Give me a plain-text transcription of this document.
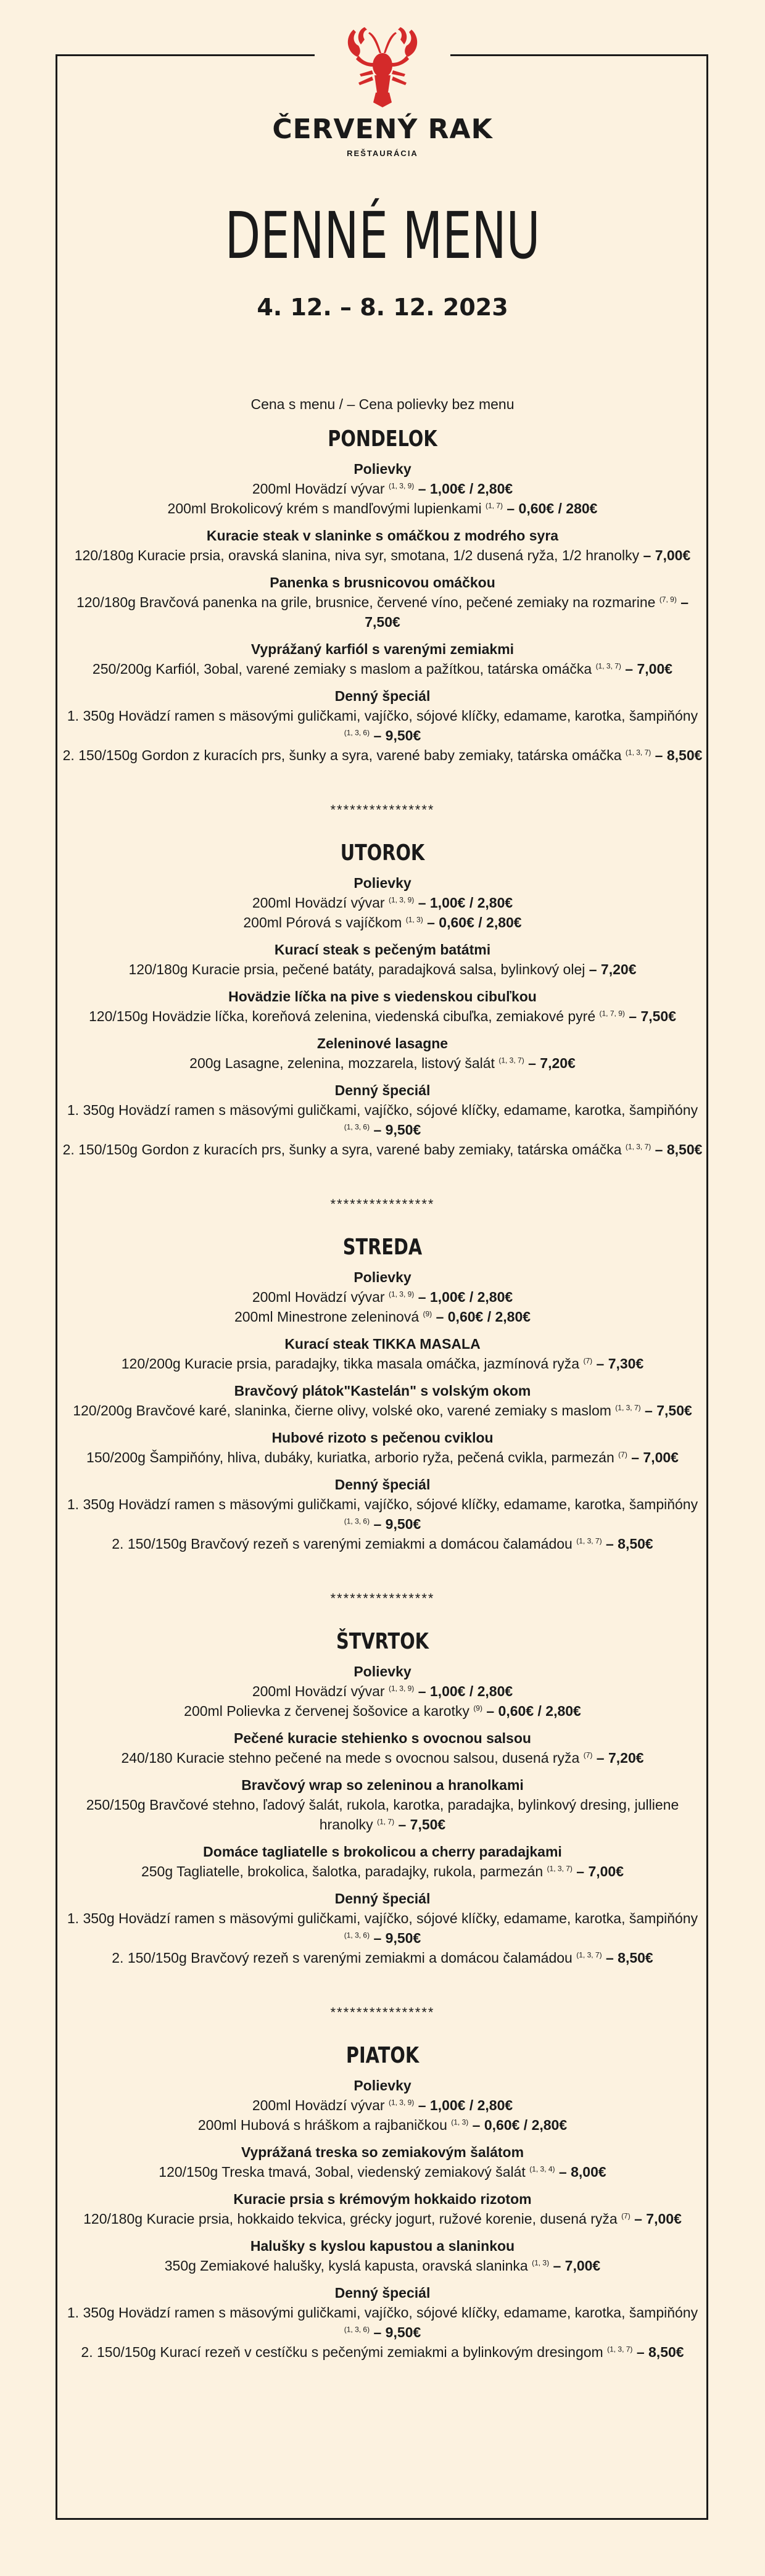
ČERVENÝ RAK
REŠTAURÁCIA
DENNÉ MENU
4. 12. – 8. 12. 2023
Cena s menu / – Cena polievky bez menu
PONDELOK
Polievky
200ml Hovädzí vývar $^{(1, 3, 9)}$ – 1,00€ / 2,80€
200ml Brokolicový krém s mandľovými lupienkami $^{(1, 7)}$ – 0,60€ / 280€
Kuracie steak v slaninke s omáčkou z modrého syra
120/180g Kuracie prsia, oravská slanina, niva syr, smotana, 1/2 dusená ryža, 1/2 hranolky – 7,00€
Panenka s brusnicovou omáčkou
120/180g Bravčová panenka na grile, brusnice, červené víno, pečené zemiaky na rozmarine $^{(7, 9)}$ – 7,50€
Vyprážaný karfiól s varenými zemiakmi
250/200g Karfiól, 3obal, varené zemiaky s maslom a pažítkou, tatárska omáčka $^{(1, 3, 7)}$ – 7,00€
Denný špeciál
1. 350g Hovädzí ramen s mäsovými guličkami, vajíčko, sójové klíčky, edamame, karotka, šampiňóny $^{(1, 3, 6)}$ – 9,50€
2. 150/150g Gordon z kuracích prs, šunky a syra, varené baby zemiaky, tatárska omáčka $^{(1, 3, 7)}$ – 8,50€
****************
UTOROK
Polievky
200ml Hovädzí vývar $^{(1, 3, 9)}$ – 1,00€ / 2,80€
200ml Pórová s vajíčkom $^{(1, 3)}$ – 0,60€ / 2,80€
Kurací steak s pečeným batátmi
120/180g Kuracie prsia, pečené batáty, paradajková salsa, bylinkový olej – 7,20€
Hovädzie líčka na pive s viedenskou cibuľkou
120/150g Hovädzie líčka, koreňová zelenina, viedenská cibuľka, zemiakové pyré $^{(1, 7, 9)}$ – 7,50€
Zeleninové lasagne
200g Lasagne, zelenina, mozzarela, listový šalát $^{(1, 3, 7)}$ – 7,20€
Denný špeciál
1. 350g Hovädzí ramen s mäsovými guličkami, vajíčko, sójové klíčky, edamame, karotka, šampiňóny $^{(1, 3, 6)}$ – 9,50€
2. 150/150g Gordon z kuracích prs, šunky a syra, varené baby zemiaky, tatárska omáčka $^{(1, 3, 7)}$ – 8,50€
****************
STREDA
Polievky
200ml Hovädzí vývar $^{(1, 3, 9)}$ – 1,00€ / 2,80€
200ml Minestrone zeleninová $^{(9)}$ – 0,60€ / 2,80€
Kurací steak TIKKA MASALA
120/200g Kuracie prsia, paradajky, tikka masala omáčka, jazmínová ryža $^{(7)}$ – 7,30€
Bravčový plátok"Kastelán" s volským okom
120/200g Bravčové karé, slaninka, čierne olivy, volské oko, varené zemiaky s maslom $^{(1, 3, 7)}$ – 7,50€
Hubové rizoto s pečenou cviklou
150/200g Šampiňóny, hliva, dubáky, kuriatka, arborio ryža, pečená cvikla, parmezán $^{(7)}$ – 7,00€
Denný špeciál
1. 350g Hovädzí ramen s mäsovými guličkami, vajíčko, sójové klíčky, edamame, karotka, šampiňóny $^{(1, 3, 6)}$ – 9,50€
2. 150/150g Bravčový rezeň s varenými zemiakmi a domácou čalamádou $^{(1, 3, 7)}$ – 8,50€
****************
ŠTVRTOK
Polievky
200ml Hovädzí vývar $^{(1, 3, 9)}$ – 1,00€ / 2,80€
200ml Polievka z červenej šošovice a karotky $^{(9)}$ – 0,60€ / 2,80€
Pečené kuracie stehienko s ovocnou salsou
240/180 Kuracie stehno pečené na mede s ovocnou salsou, dusená ryža $^{(7)}$ – 7,20€
Bravčový wrap so zeleninou a hranolkami
250/150g Bravčové stehno, ľadový šalát, rukola, karotka, paradajka, bylinkový dresing, julliene hranolky $^{(1, 7)}$ – 7,50€
Domáce tagliatelle s brokolicou a cherry paradajkami
250g Tagliatelle, brokolica, šalotka, paradajky, rukola, parmezán $^{(1, 3, 7)}$ – 7,00€
Denný špeciál
1. 350g Hovädzí ramen s mäsovými guličkami, vajíčko, sójové klíčky, edamame, karotka, šampiňóny $^{(1, 3, 6)}$ – 9,50€
2. 150/150g Bravčový rezeň s varenými zemiakmi a domácou čalamádou $^{(1, 3, 7)}$ – 8,50€
****************
PIATOK
Polievky
200ml Hovädzí vývar $^{(1, 3, 9)}$ – 1,00€ / 2,80€
200ml Hubová s hráškom a rajbaničkou $^{(1, 3)}$ – 0,60€ / 2,80€
Vyprážaná treska so zemiakovým šalátom
120/150g Treska tmavá, 3obal, viedenský zemiakový šalát $^{(1, 3, 4)}$ – 8,00€
Kuracie prsia s krémovým hokkaido rizotom
120/180g Kuracie prsia, hokkaido tekvica, grécky jogurt, ružové korenie, dusená ryža $^{(7)}$ – 7,00€
Halušky s kyslou kapustou a slaninkou
350g Zemiakové halušky, kyslá kapusta, oravská slaninka $^{(1, 3)}$ – 7,00€
Denný špeciál
1. 350g Hovädzí ramen s mäsovými guličkami, vajíčko, sójové klíčky, edamame, karotka, šampiňóny $^{(1, 3, 6)}$ – 9,50€
2. 150/150g Kurací rezeň v cestíčku s pečenými zemiakmi a bylinkovým dresingom $^{(1, 3, 7)}$ – 8,50€
